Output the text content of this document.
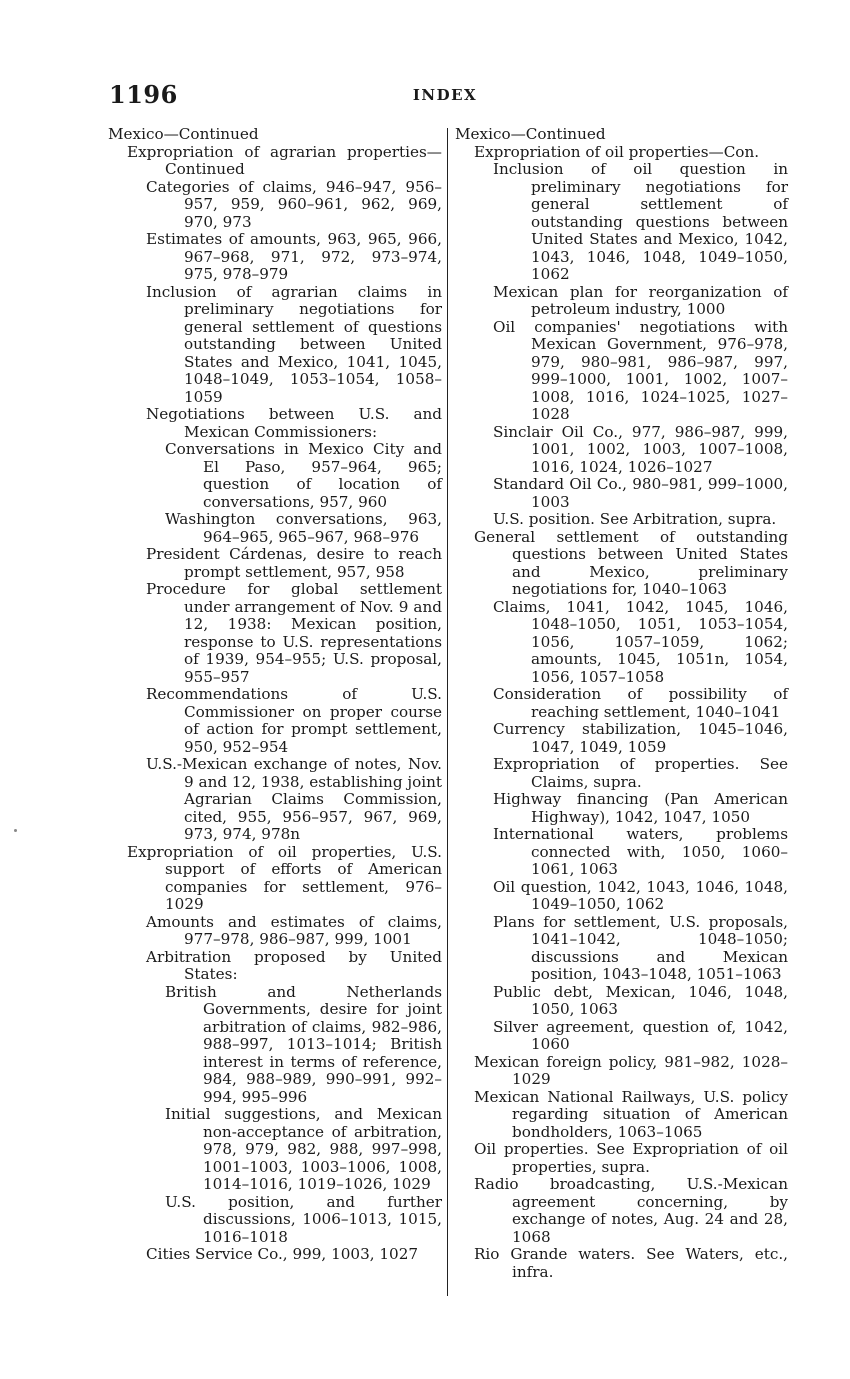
1196	INDEX

Mexico—Continued

Expropriation of agrarian properties—Continued

Categories of claims, 946–947, 956–957, 959, 960–961, 962, 969, 970, 973

Estimates of amounts, 963, 965, 966, 967–968, 971, 972, 973–974, 975, 978–979

Inclusion of agrarian claims in preliminary negotiations for general settlement of questions outstanding between United States and Mexico, 1041, 1045, 1048–1049, 1053–1054, 1058–1059

Negotiations between U.S. and Mexican Commissioners:

Conversations in Mexico City and El Paso, 957–964, 965; question of location of conversations, 957, 960

Washington conversations, 963, 964–965, 965–967, 968–976

President Cárdenas, desire to reach prompt settlement, 957, 958

Procedure for global settlement under arrangement of Nov. 9 and 12, 1938: Mexican position, response to U.S. representations of 1939, 954–955; U.S. proposal, 955–957

Recommendations of U.S. Commissioner on proper course of action for prompt settlement, 950, 952–954

U.S.-Mexican exchange of notes, Nov. 9 and 12, 1938, establishing joint Agrarian Claims Commission, cited, 955, 956–957, 967, 969, 973, 974, 978n

Expropriation of oil properties, U.S. support of efforts of American companies for settlement, 976–1029

Amounts and estimates of claims, 977–978, 986–987, 999, 1001

Arbitration proposed by United States:

British and Netherlands Governments, desire for joint arbitration of claims, 982–986, 988–997, 1013–1014; British interest in terms of reference, 984, 988–989, 990–991, 992–994, 995–996

Initial suggestions, and Mexican non-acceptance of arbitration, 978, 979, 982, 988, 997–998, 1001–1003, 1003–1006, 1008, 1014–1016, 1019–1026, 1029

U.S. position, and further discussions, 1006–1013, 1015, 1016–1018

Cities Service Co., 999, 1003, 1027

Mexico—Continued

Expropriation of oil properties—Con.

Inclusion of oil question in preliminary negotiations for general settlement of outstanding questions between United States and Mexico, 1042, 1043, 1046, 1048, 1049–1050, 1062

Mexican plan for reorganization of petroleum industry, 1000

Oil companies' negotiations with Mexican Government, 976–978, 979, 980–981, 986–987, 997, 999–1000, 1001, 1002, 1007–1008, 1016, 1024–1025, 1027–1028

Sinclair Oil Co., 977, 986–987, 999, 1001, 1002, 1003, 1007–1008, 1016, 1024, 1026–1027

Standard Oil Co., 980–981, 999–1000, 1003

U.S. position. See Arbitration, supra.

General settlement of outstanding questions between United States and Mexico, preliminary negotiations for, 1040–1063

Claims, 1041, 1042, 1045, 1046, 1048–1050, 1051, 1053–1054, 1056, 1057–1059, 1062; amounts, 1045, 1051n, 1054, 1056, 1057–1058

Consideration of possibility of reaching settlement, 1040–1041

Currency stabilization, 1045–1046, 1047, 1049, 1059

Expropriation of properties. See Claims, supra.

Highway financing (Pan American Highway), 1042, 1047, 1050

International waters, problems connected with, 1050, 1060–1061, 1063

Oil question, 1042, 1043, 1046, 1048, 1049–1050, 1062

Plans for settlement, U.S. proposals, 1041–1042, 1048–1050; discussions and Mexican position, 1043–1048, 1051–1063

Public debt, Mexican, 1046, 1048, 1050, 1063

Silver agreement, question of, 1042, 1060

Mexican foreign policy, 981–982, 1028–1029

Mexican National Railways, U.S. policy regarding situation of American bondholders, 1063–1065

Oil properties. See Expropriation of oil properties, supra.

Radio broadcasting, U.S.-Mexican agreement concerning, by exchange of notes, Aug. 24 and 28, 1068

Rio Grande waters. See Waters, etc., infra.
